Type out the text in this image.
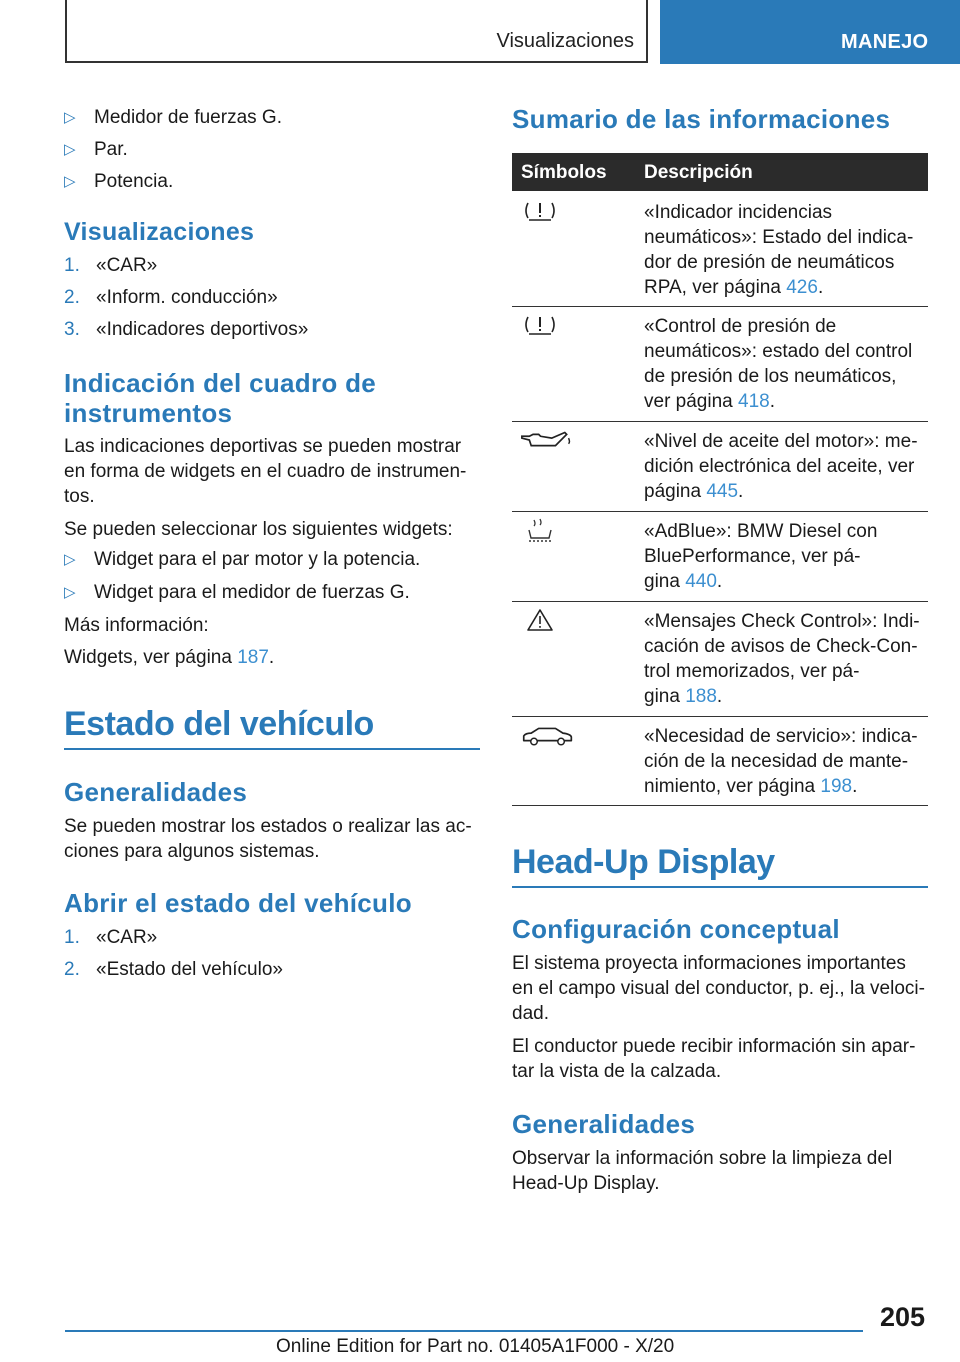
Visualizaciones	MANEJO
▷ Medidor de fuerzas G.
▷ Par.
▷ Potencia.
Visualizaciones
1. «CAR»
2. «Inform. conducción»
3. «Indicadores deportivos»
Indicación del cuadro de
instrumentos
Las indicaciones deportivas se pueden mostrar
en forma de widgets en el cuadro de instrumen-
tos.
Se pueden seleccionar los siguientes widgets:
▷ Widget para el par motor y la potencia.
▷ Widget para el medidor de fuerzas G.
Más información:
Widgets, ver página 187.
Estado del vehículo
Generalidades
Se pueden mostrar los estados o realizar las ac-
ciones para algunos sistemas.
Abrir el estado del vehículo
1. «CAR»
2. «Estado del vehículo»
Sumario de las informaciones
Símbolos Descripción
«Indicador incidencias
neumáticos»: Estado del indica-
dor de presión de neumáticos
RPA, ver página 426.
«Control de presión de
neumáticos»: estado del control
de presión de los neumáticos,
ver página 418.
«Nivel de aceite del motor»: me-
dición electrónica del aceite, ver
página 445.
«AdBlue»: BMW Diesel con
BluePerformance, ver pá-
gina 440.
«Mensajes Check Control»: Indi-
cación de avisos de Check-Con-
trol memorizados, ver pá-
gina 188.
«Necesidad de servicio»: indica-
ción de la necesidad de mante-
nimiento, ver página 198.
Head-Up Display
Configuración conceptual
El sistema proyecta informaciones importantes
en el campo visual del conductor, p. ej., la veloci-
dad.
El conductor puede recibir información sin apar-
tar la vista de la calzada.
Generalidades
Observar la información sobre la limpieza del
Head-Up Display.
205
Online Edition for Part no. 01405A1F000 - X/20
